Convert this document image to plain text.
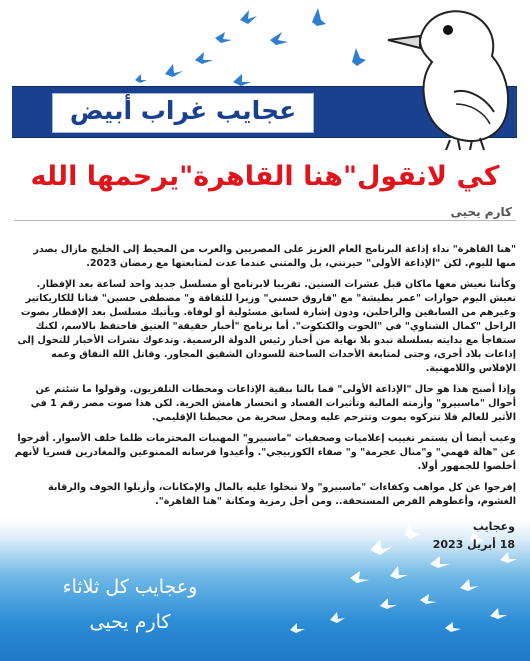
عجايب غراب أبيض
كي لانقول"هنا القاهرة"يرحمها الله
كارم يحيى

"هنا القاهرة" نداء إذاعة البرنامج العام العزيز على المصريين والعرب من المحيط إلى الخليج مازال يصدر منها لليوم. لكن "الإذاعة الأولى" حيرتني، بل والمتني عندما عدت لمتابعتها مع رمضان 2023.

وكأننا نعيش معها ماكان قبل عشرات السنين. تقريبا لابرنامج أو مسلسل جديد واحد لساعة بعد الإفطار. تعيش اليوم حوارات "عمر بطيشة" مع "فاروق حسني" وزيرا للثقافة و" مصطفى حسين" فنانا للكاريكاتير وغيرهم من السابقين والراحلين، ودون إشارة لسابق مسئولية أو لوفاة. ويأتيك مسلسل بعد الإفطار بصوت الراحل "كمال الشناوي" في "الحوت والكتكوت". أما برنامج "أخبار حقيقة" العتيق فاحتفظ بالاسم، لكنك ستفاجأ مع بدايته بسلسلة تبدو بلا نهاية من أخبار رئيس الدولة الرسمية. وتدعوك نشرات الأخبار للتحول إلى إذاعات بلاد أخرى، وحتى لمتابعة الأحداث الساخنة للسودان الشقيق المجاور. وقاتل الله النفاق وعمه الإفلاس واللامهنية.

وإذا أصبح هذا هو حال "الإذاعة الأولى" فما بالنا ببقية الإذاعات ومحطات التلفزيون. وقولوا ما شئتم عن أحوال "ماسبيرو" وأزمته المالية وتأثيرات الفساد و انحسار هامش الحرية. لكن هذا صوت مصر رقم 1 في الأثير للعالم فلا تتركوه يموت وتترحم عليه ومحل سخرية من محيطنا الإقليمي.

وعيب أيضا أن يستمر تغييب إعلاميات وصحفيات "ماسبيرو" المهنيات المحترمات ظلما خلف الأسوار. أفرجوا عن "هالة فهمي" و"منال عجرمة" و" صفاء الكوربيجي". وأعيدوا فرسانه الممنوعين والمغادرين قسريا لأنهم أخلصوا للجمهور أولا.

إفرجوا عن كل مواهب وكفاءات "ماسبيرو" ولا تبخلوا عليه بالمال والإمكانات، وأزيلوا الخوف والرقابة الغشوم، وأعطوهم الفرص المستحقة.. ومن أجل رمزية ومكانة "هنا القاهرة".

وعجايب
18 أبريل 2023
وعجايب كل ثلاثاء
كارم يحيى
